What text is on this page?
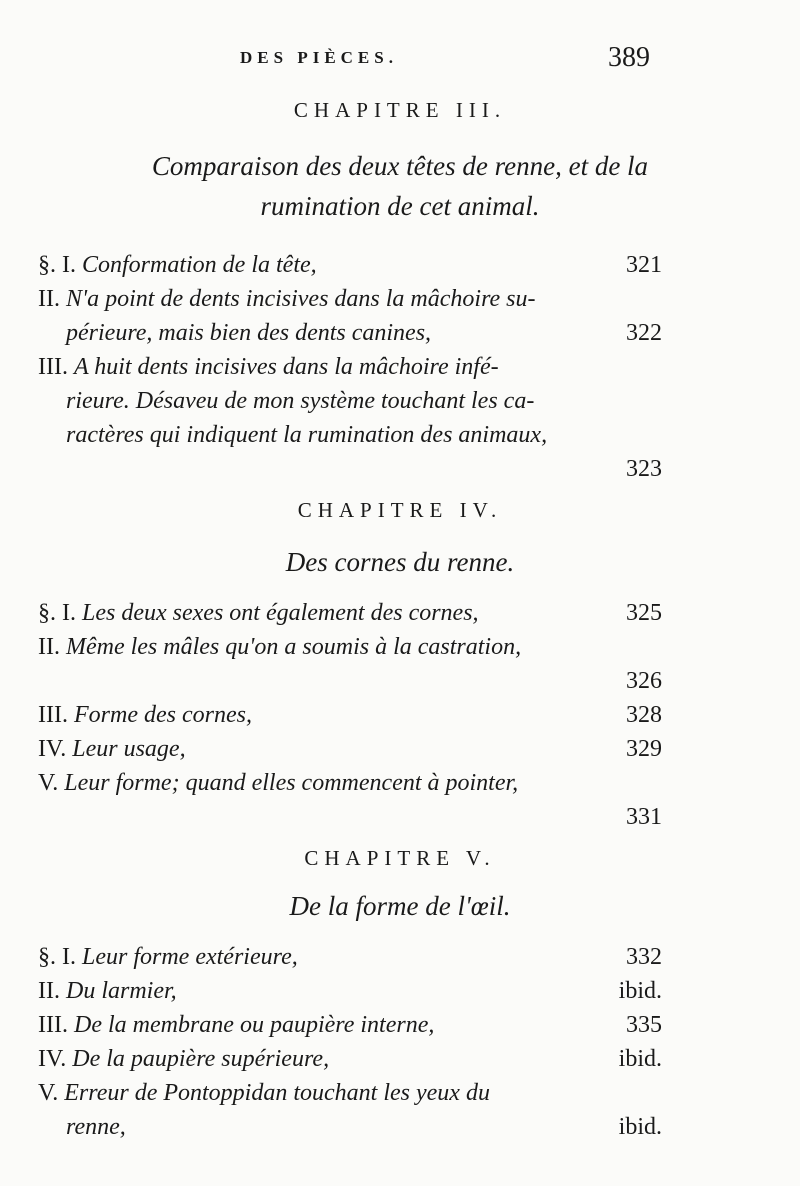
DES PIÈCES.	389
CHAPITRE III.
Comparaison des deux têtes de renne, et de la
rumination de cet animal.
§. I. Conformation de la tête,	321
II. N'a point de dents incisives dans la mâchoire su-
périeure, mais bien des dents canines,	322
III. A huit dents incisives dans la mâchoire infé-
rieure. Désaveu de mon système touchant les ca-
ractères qui indiquent la rumination des animaux,
323
CHAPITRE IV.
Des cornes du renne.
§. I. Les deux sexes ont également des cornes,	325
II. Même les mâles qu'on a soumis à la castration,
326
III. Forme des cornes,	328
IV. Leur usage,	329
V. Leur forme; quand elles commencent à pointer,
331
CHAPITRE V.
De la forme de l'œil.
§. I. Leur forme extérieure,	332
II. Du larmier,	ibid.
III. De la membrane ou paupière interne,	335
IV. De la paupière supérieure,	ibid.
V. Erreur de Pontoppidan touchant les yeux du
renne,	ibid.
